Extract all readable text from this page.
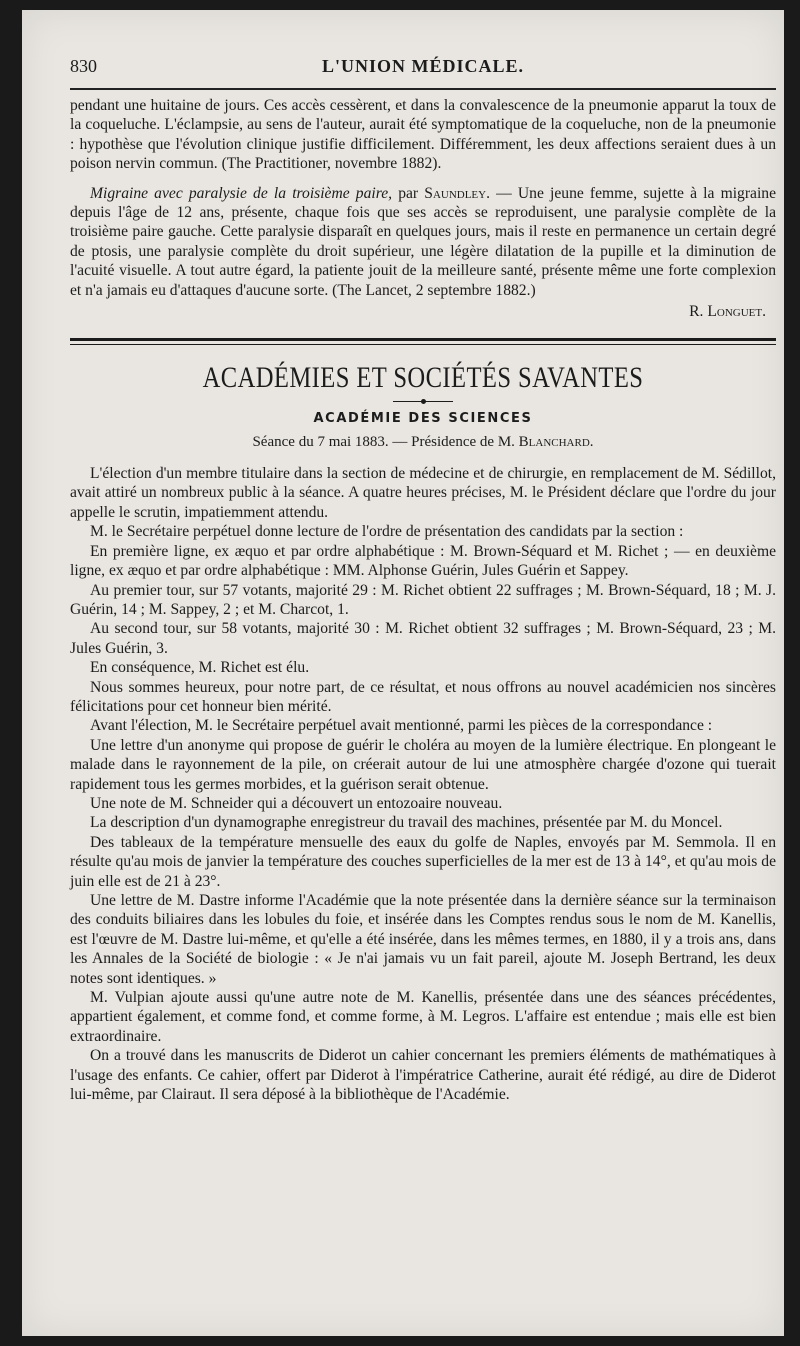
830	L'UNION MÉDICALE.

pendant une huitaine de jours. Ces accès cessèrent, et dans la convalescence de la pneumonie apparut la toux de la coqueluche. L'éclampsie, au sens de l'auteur, aurait été symptomatique de la coqueluche, non de la pneumonie : hypothèse que l'évolution clinique justifie difficilement. Différemment, les deux affections seraient dues à un poison nervin commun. (The Practitioner, novembre 1882).

Migraine avec paralysie de la troisième paire, par Saundley. — Une jeune femme, sujette à la migraine depuis l'âge de 12 ans, présente, chaque fois que ses accès se reproduisent, une paralysie complète de la troisième paire gauche. Cette paralysie disparaît en quelques jours, mais il reste en permanence un certain degré de ptosis, une paralysie complète du droit supérieur, une légère dilatation de la pupille et la diminution de l'acuité visuelle. A tout autre égard, la patiente jouit de la meilleure santé, présente même une forte complexion et n'a jamais eu d'attaques d'aucune sorte. (The Lancet, 2 septembre 1882.)

R. Longuet.
ACADÉMIES ET SOCIÉTÉS SAVANTES
ACADÉMIE DES SCIENCES
Séance du 7 mai 1883. — Présidence de M. Blanchard.

L'élection d'un membre titulaire dans la section de médecine et de chirurgie, en remplacement de M. Sédillot, avait attiré un nombreux public à la séance. A quatre heures précises, M. le Président déclare que l'ordre du jour appelle le scrutin, impatiemment attendu.

M. le Secrétaire perpétuel donne lecture de l'ordre de présentation des candidats par la section :

En première ligne, ex æquo et par ordre alphabétique : M. Brown-Séquard et M. Richet ; — en deuxième ligne, ex æquo et par ordre alphabétique : MM. Alphonse Guérin, Jules Guérin et Sappey.

Au premier tour, sur 57 votants, majorité 29 : M. Richet obtient 22 suffrages ; M. Brown-Séquard, 18 ; M. J. Guérin, 14 ; M. Sappey, 2 ; et M. Charcot, 1.

Au second tour, sur 58 votants, majorité 30 : M. Richet obtient 32 suffrages ; M. Brown-Séquard, 23 ; M. Jules Guérin, 3.

En conséquence, M. Richet est élu.

Nous sommes heureux, pour notre part, de ce résultat, et nous offrons au nouvel académicien nos sincères félicitations pour cet honneur bien mérité.

Avant l'élection, M. le Secrétaire perpétuel avait mentionné, parmi les pièces de la correspondance :

Une lettre d'un anonyme qui propose de guérir le choléra au moyen de la lumière électrique. En plongeant le malade dans le rayonnement de la pile, on créerait autour de lui une atmosphère chargée d'ozone qui tuerait rapidement tous les germes morbides, et la guérison serait obtenue.

Une note de M. Schneider qui a découvert un entozoaire nouveau.

La description d'un dynamographe enregistreur du travail des machines, présentée par M. du Moncel.

Des tableaux de la température mensuelle des eaux du golfe de Naples, envoyés par M. Semmola. Il en résulte qu'au mois de janvier la température des couches superficielles de la mer est de 13 à 14°, et qu'au mois de juin elle est de 21 à 23°.

Une lettre de M. Dastre informe l'Académie que la note présentée dans la dernière séance sur la terminaison des conduits biliaires dans les lobules du foie, et insérée dans les Comptes rendus sous le nom de M. Kanellis, est l'œuvre de M. Dastre lui-même, et qu'elle a été insérée, dans les mêmes termes, en 1880, il y a trois ans, dans les Annales de la Société de biologie : « Je n'ai jamais vu un fait pareil, ajoute M. Joseph Bertrand, les deux notes sont identiques. »

M. Vulpian ajoute aussi qu'une autre note de M. Kanellis, présentée dans une des séances précédentes, appartient également, et comme fond, et comme forme, à M. Legros. L'affaire est entendue ; mais elle est bien extraordinaire.

On a trouvé dans les manuscrits de Diderot un cahier concernant les premiers éléments de mathématiques à l'usage des enfants. Ce cahier, offert par Diderot à l'impératrice Catherine, aurait été rédigé, au dire de Diderot lui-même, par Clairaut. Il sera déposé à la bibliothèque de l'Académie.
